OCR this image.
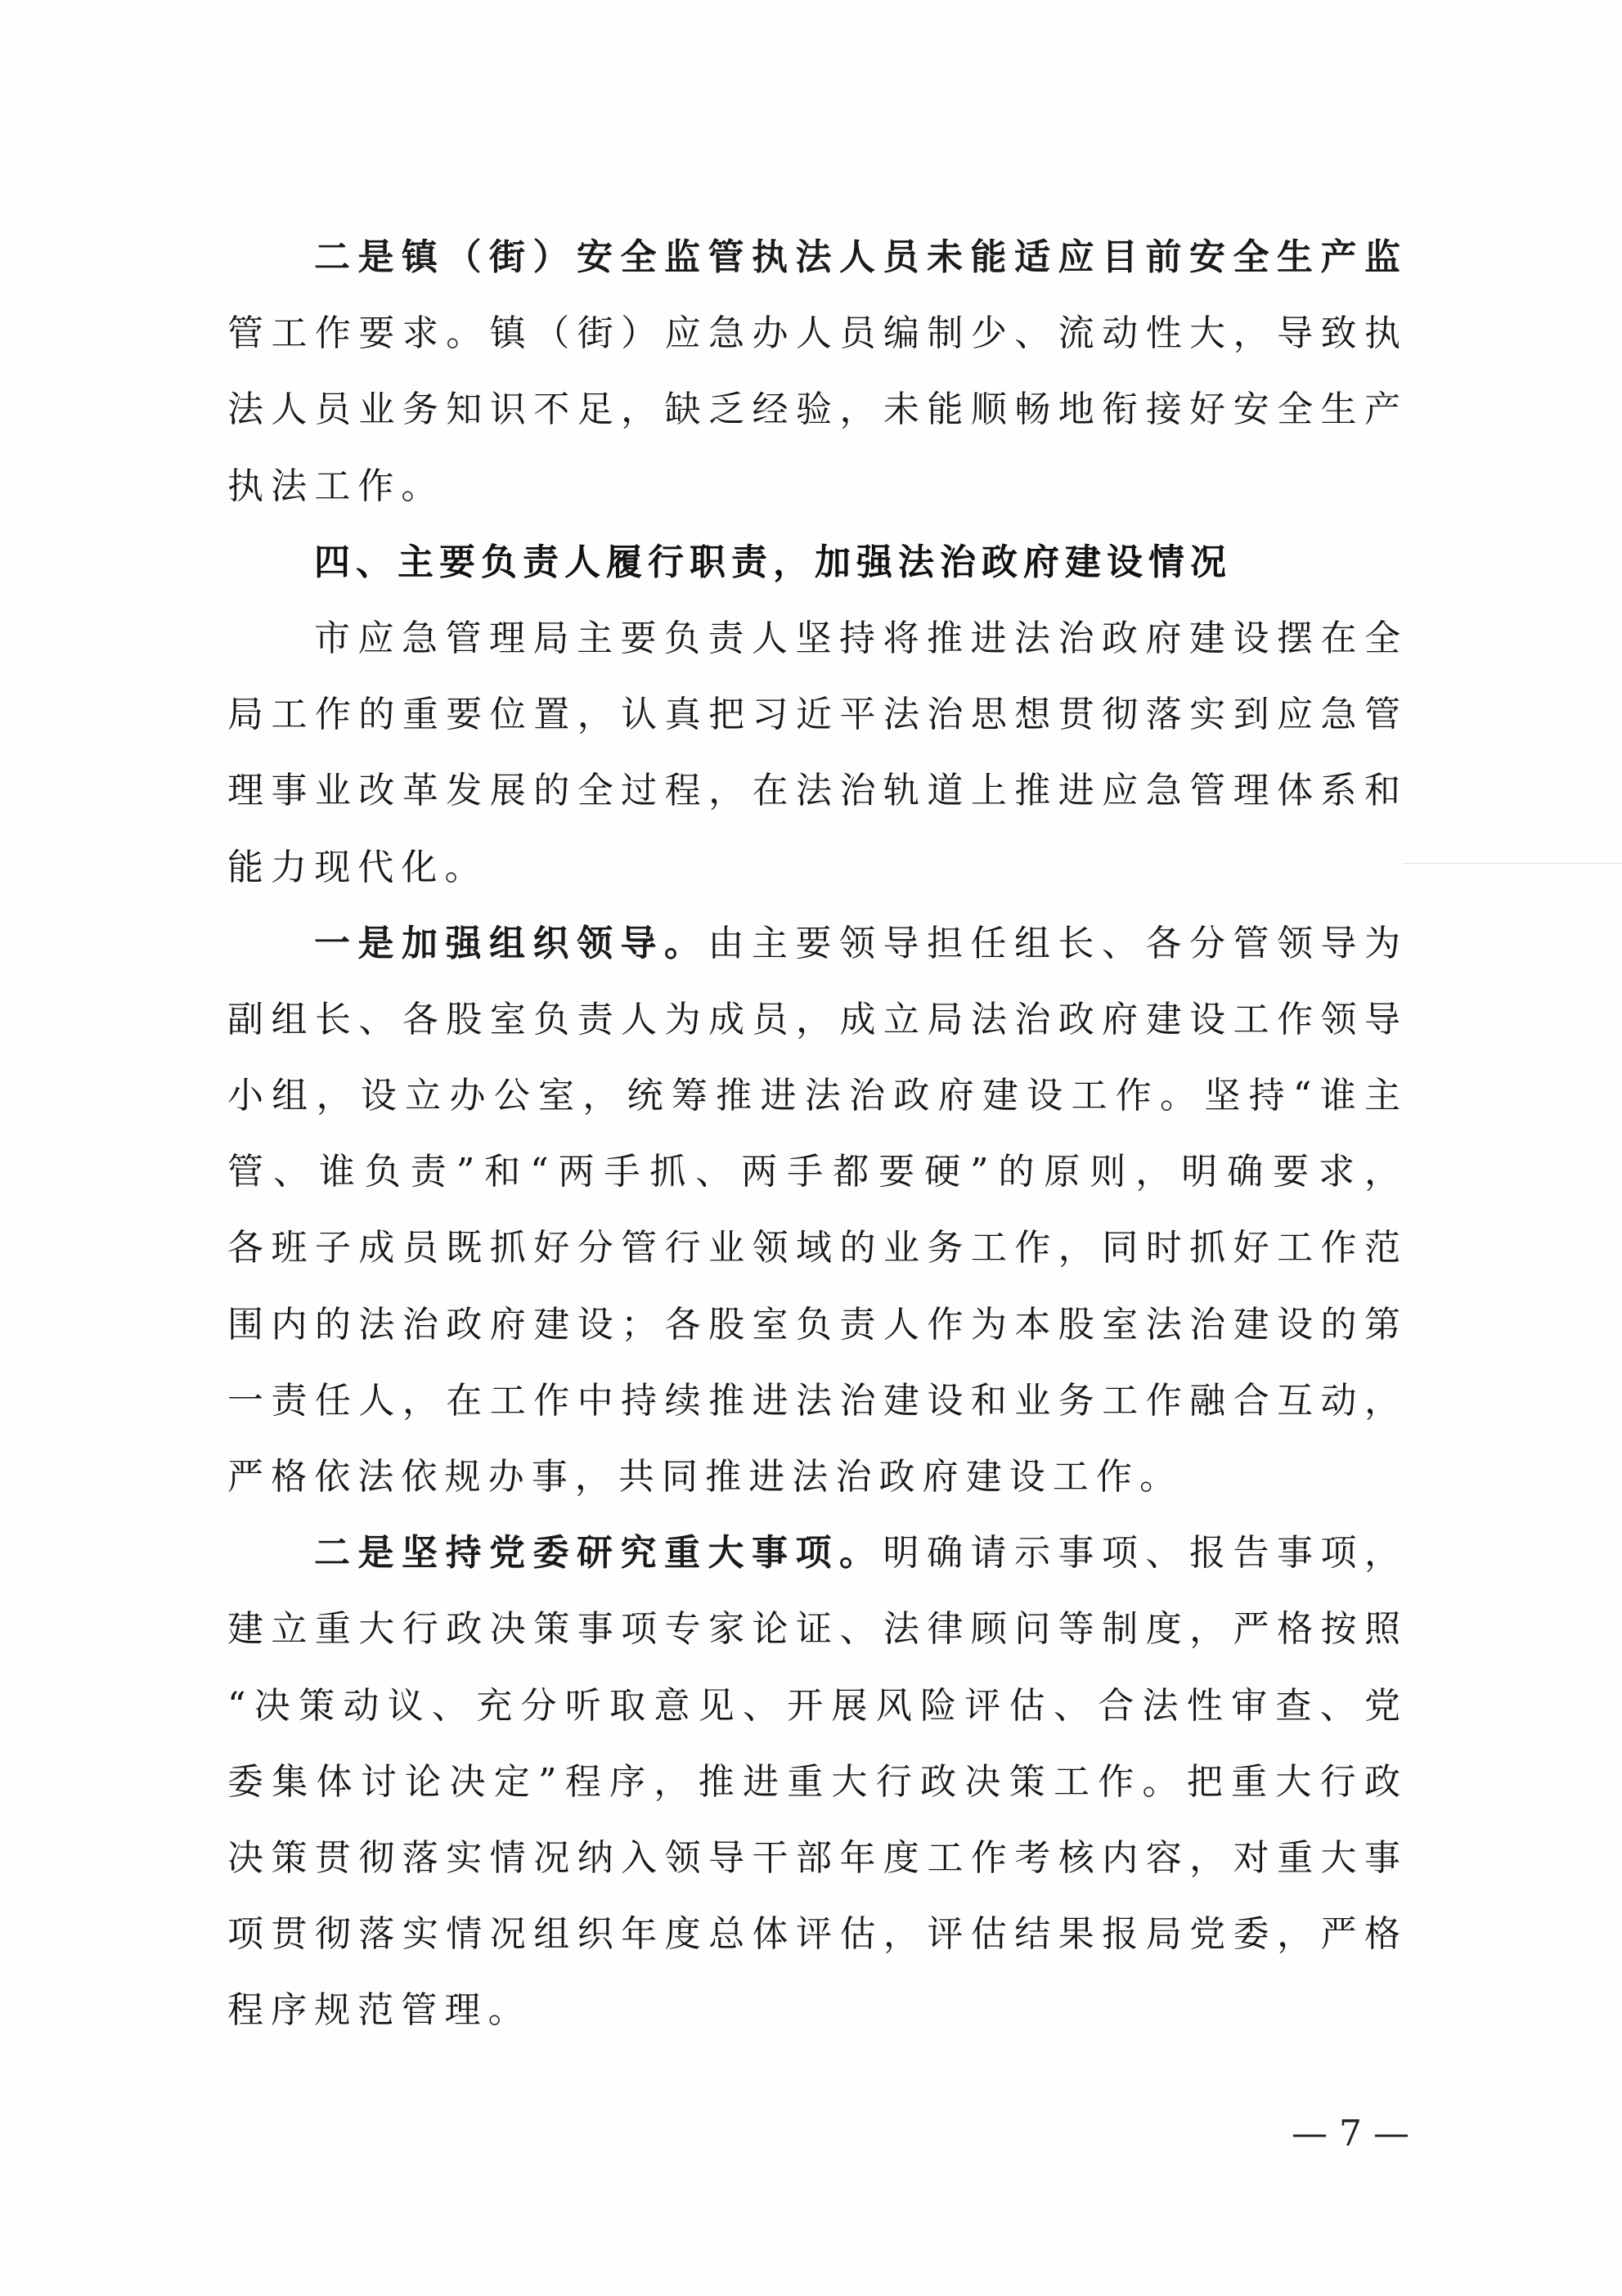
二是镇（街）安全监管执法人员未能适应目前安全生产监
管工作要求。镇（街）应急办人员编制少、流动性大，导致执
法人员业务知识不足，缺乏经验，未能顺畅地衔接好安全生产
执法工作。
四、主要负责人履行职责，加强法治政府建设情况
市应急管理局主要负责人坚持将推进法治政府建设摆在全
局工作的重要位置，认真把习近平法治思想贯彻落实到应急管
理事业改革发展的全过程，在法治轨道上推进应急管理体系和
能力现代化。
一是加强组织领导。由主要领导担任组长、各分管领导为
副组长、各股室负责人为成员，成立局法治政府建设工作领导
小组，设立办公室，统筹推进法治政府建设工作。坚持“谁主
管、谁负责”和“两手抓、两手都要硬”的原则，明确要求，
各班子成员既抓好分管行业领域的业务工作，同时抓好工作范
围内的法治政府建设；各股室负责人作为本股室法治建设的第
一责任人，在工作中持续推进法治建设和业务工作融合互动，
严格依法依规办事，共同推进法治政府建设工作。
二是坚持党委研究重大事项。明确请示事项、报告事项，
建立重大行政决策事项专家论证、法律顾问等制度，严格按照
“决策动议、充分听取意见、开展风险评估、合法性审查、党
委集体讨论决定”程序，推进重大行政决策工作。把重大行政
决策贯彻落实情况纳入领导干部年度工作考核内容，对重大事
项贯彻落实情况组织年度总体评估，评估结果报局党委，严格
程序规范管理。
— 7 —
